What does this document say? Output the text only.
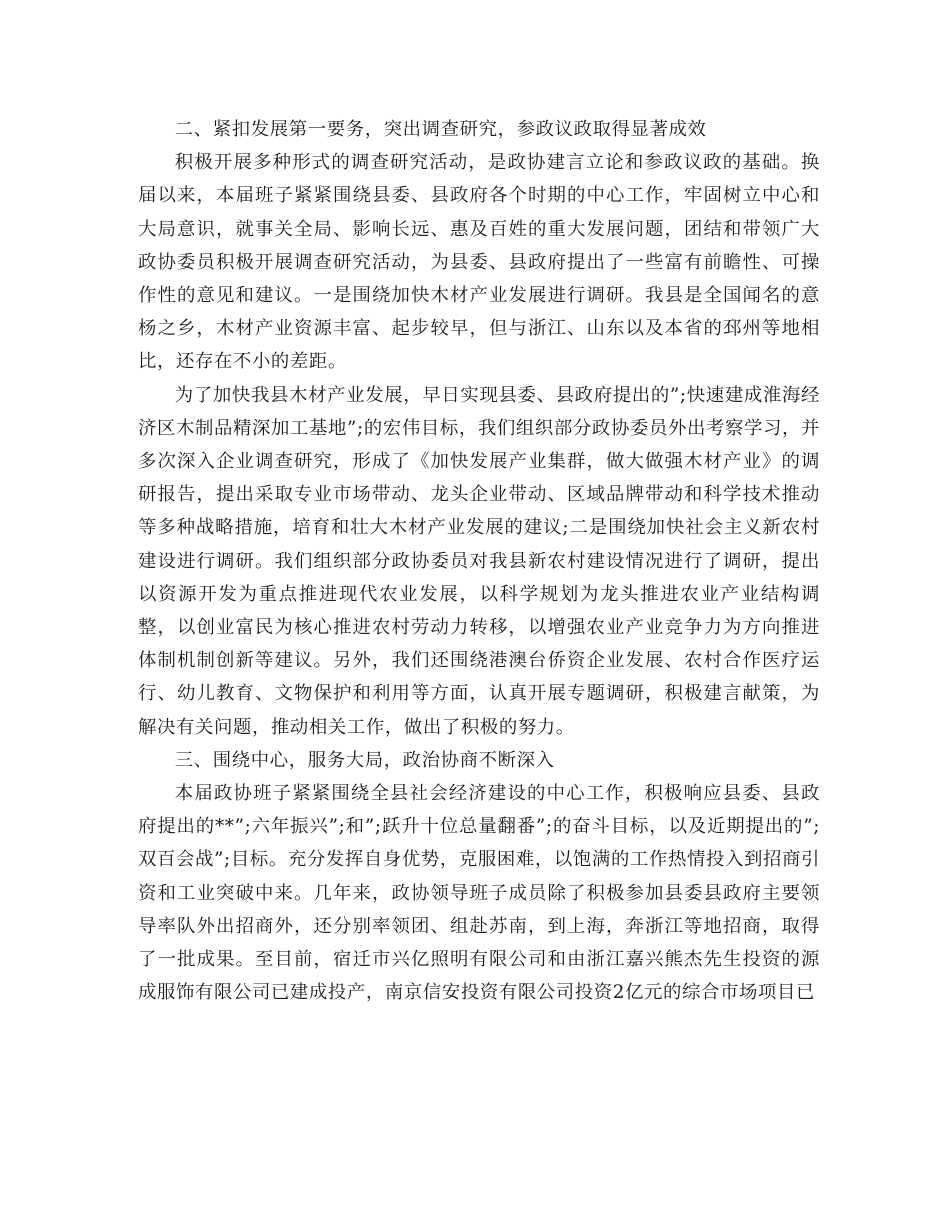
二、紧扣发展第一要务，突出调查研究，参政议政取得显著成效

积极开展多种形式的调查研究活动，是政协建言立论和参政议政的基础。换届以来，本届班子紧紧围绕县委、县政府各个时期的中心工作，牢固树立中心和大局意识，就事关全局、影响长远、惠及百姓的重大发展问题，团结和带领广大政协委员积极开展调查研究活动，为县委、县政府提出了一些富有前瞻性、可操作性的意见和建议。一是围绕加快木材产业发展进行调研。我县是全国闻名的意杨之乡，木材产业资源丰富、起步较早，但与浙江、山东以及本省的邳州等地相比，还存在不小的差距。

为了加快我县木材产业发展，早日实现县委、县政府提出的”;快速建成淮海经济区木制品精深加工基地”;的宏伟目标，我们组织部分政协委员外出考察学习，并多次深入企业调查研究，形成了《加快发展产业集群，做大做强木材产业》的调研报告，提出采取专业市场带动、龙头企业带动、区域品牌带动和科学技术推动等多种战略措施，培育和壮大木材产业发展的建议;二是围绕加快社会主义新农村建设进行调研。我们组织部分政协委员对我县新农村建设情况进行了调研，提出以资源开发为重点推进现代农业发展，以科学规划为龙头推进农业产业结构调整，以创业富民为核心推进农村劳动力转移，以增强农业产业竞争力为方向推进体制机制创新等建议。另外，我们还围绕港澳台侨资企业发展、农村合作医疗运行、幼儿教育、文物保护和利用等方面，认真开展专题调研，积极建言献策，为解决有关问题，推动相关工作，做出了积极的努力。

三、围绕中心，服务大局，政治协商不断深入

本届政协班子紧紧围绕全县社会经济建设的中心工作，积极响应县委、县政府提出的**”;六年振兴”;和”;跃升十位总量翻番”;的奋斗目标，以及近期提出的”;双百会战”;目标。充分发挥自身优势，克服困难，以饱满的工作热情投入到招商引资和工业突破中来。几年来，政协领导班子成员除了积极参加县委县政府主要领导率队外出招商外，还分别率领团、组赴苏南，到上海，奔浙江等地招商，取得了一批成果。至目前，宿迁市兴亿照明有限公司和由浙江嘉兴熊杰先生投资的源成服饰有限公司已建成投产，南京信安投资有限公司投资2亿元的综合市场项目已
